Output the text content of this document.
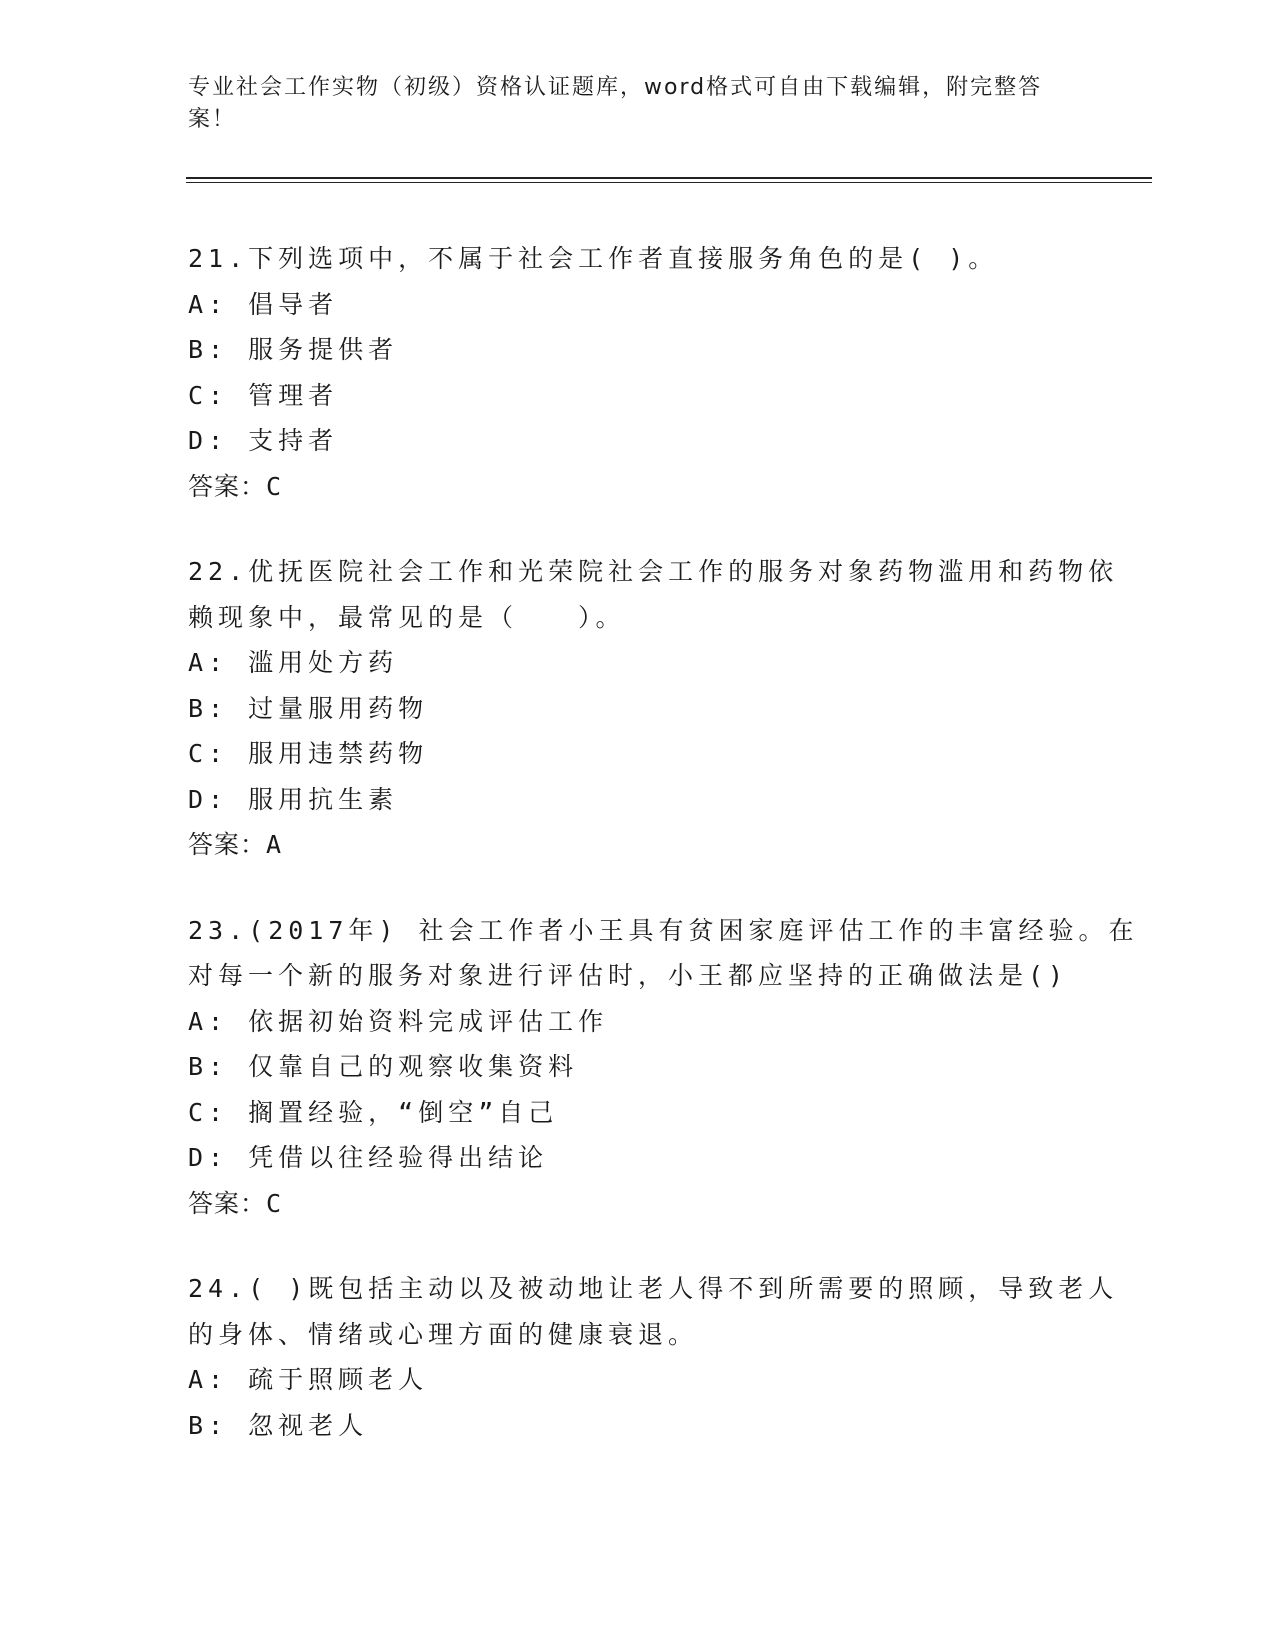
专业社会工作实物（初级）资格认证题库，word格式可自由下载编辑，附完整答案！
21.下列选项中，不属于社会工作者直接服务角色的是( )。
A: 倡导者
B: 服务提供者
C: 管理者
D: 支持者
答案：C
22.优抚医院社会工作和光荣院社会工作的服务对象药物滥用和药物依
赖现象中，最常见的是（　　）。
A: 滥用处方药
B: 过量服用药物
C: 服用违禁药物
D: 服用抗生素
答案：A
23.(2017年) 社会工作者小王具有贫困家庭评估工作的丰富经验。在
对每一个新的服务对象进行评估时，小王都应坚持的正确做法是()
A: 依据初始资料完成评估工作
B: 仅靠自己的观察收集资料
C: 搁置经验，“倒空”自己
D: 凭借以往经验得出结论
答案：C
24.( )既包括主动以及被动地让老人得不到所需要的照顾，导致老人
的身体、情绪或心理方面的健康衰退。
A: 疏于照顾老人
B: 忽视老人
